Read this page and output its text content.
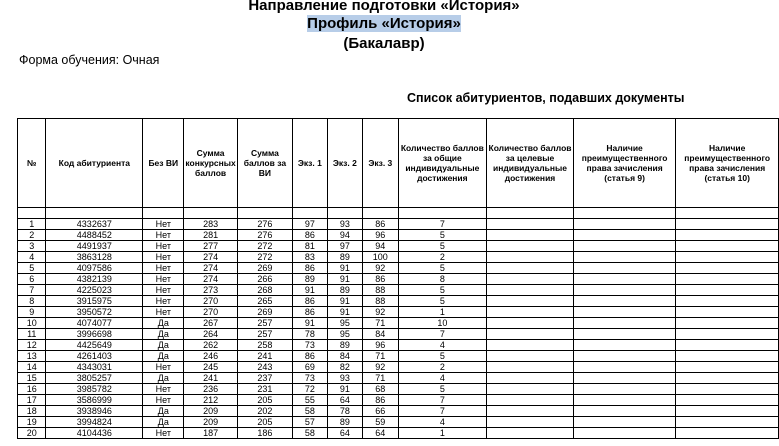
Направление подготовки «История»
Профиль «История»
(Бакалавр)
Форма обучения: Очная
Список абитуриентов, подавших документы
№	Код абитуриента	Без ВИ	Сумма конкурсных баллов	Сумма баллов за ВИ	Экз. 1	Экз. 2	Экз. 3	Количество баллов за общие индивидуальные достижения	Количество баллов за целевые индивидуальные достижения	Наличие преимущественного права зачисления (статья 9)	Наличие преимущественного права зачисления (статья 10)

1	4332637	Нет	283	276	97	93	86	7			
2	4488452	Нет	281	276	86	94	96	5			
3	4491937	Нет	277	272	81	97	94	5			
4	3863128	Нет	274	272	83	89	100	2			
5	4097586	Нет	274	269	86	91	92	5			
6	4382139	Нет	274	266	89	91	86	8			
7	4225023	Нет	273	268	91	89	88	5			
8	3915975	Нет	270	265	86	91	88	5			
9	3950572	Нет	270	269	86	91	92	1			
10	4074077	Да	267	257	91	95	71	10			
11	3996698	Да	264	257	78	95	84	7			
12	4425649	Да	262	258	73	89	96	4			
13	4261403	Да	246	241	86	84	71	5			
14	4343031	Нет	245	243	69	82	92	2			
15	3805257	Да	241	237	73	93	71	4			
16	3985782	Нет	236	231	72	91	68	5			
17	3586999	Нет	212	205	55	64	86	7			
18	3938946	Да	209	202	58	78	66	7			
19	3994824	Да	209	205	57	89	59	4			
20	4104436	Нет	187	186	58	64	64	1			
